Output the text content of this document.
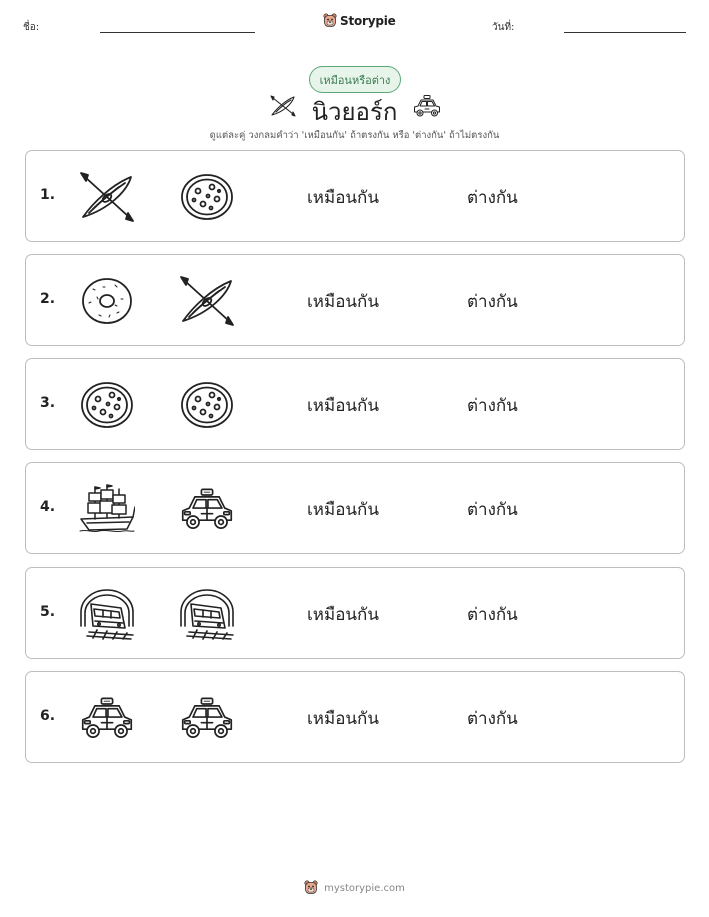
ชื่อ:	Storypie	วันที่:
เหมือนหรือต่าง
นิวยอร์ก
ดูแต่ละคู่ วงกลมคำว่า 'เหมือนกัน' ถ้าตรงกัน หรือ 'ต่างกัน' ถ้าไม่ตรงกัน
1.	เหมือนกัน	ต่างกัน
2.	เหมือนกัน	ต่างกัน
3.	เหมือนกัน	ต่างกัน
4.	เหมือนกัน	ต่างกัน
5.	เหมือนกัน	ต่างกัน
6.	เหมือนกัน	ต่างกัน
mystorypie.com
